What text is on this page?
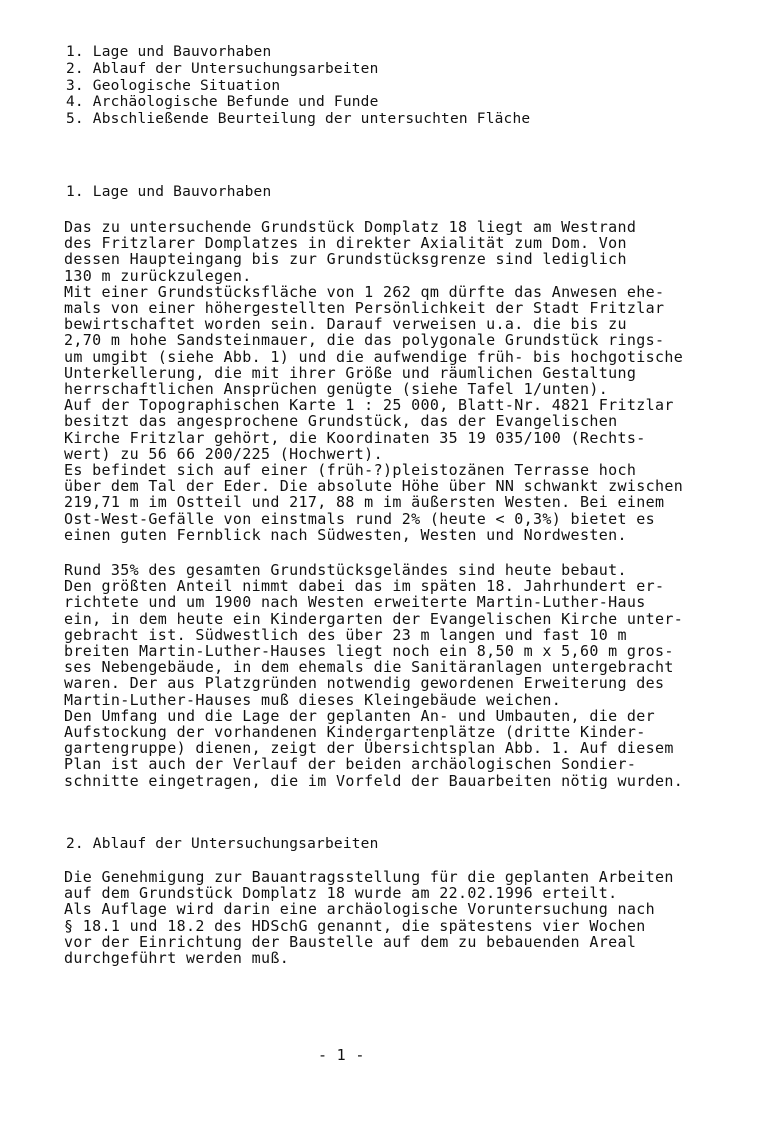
1. Lage und Bauvorhaben
2. Ablauf der Untersuchungsarbeiten
3. Geologische Situation
4. Archäologische Befunde und Funde
5. Abschließende Beurteilung der untersuchten Fläche
1. Lage und Bauvorhaben
Das zu untersuchende Grundstück Domplatz 18 liegt am Westrand
des Fritzlarer Domplatzes in direkter Axialität zum Dom. Von
dessen Haupteingang bis zur Grundstücksgrenze sind lediglich
130 m zurückzulegen.
Mit einer Grundstücksfläche von 1 262 qm dürfte das Anwesen ehe-
mals von einer höhergestellten Persönlichkeit der Stadt Fritzlar
bewirtschaftet worden sein. Darauf verweisen u.a. die bis zu
2,70 m hohe Sandsteinmauer, die das polygonale Grundstück rings-
um umgibt (siehe Abb. 1) und die aufwendige früh- bis hochgotische
Unterkellerung, die mit ihrer Größe und räumlichen Gestaltung
herrschaftlichen Ansprüchen genügte (siehe Tafel 1/unten).
Auf der Topographischen Karte 1 : 25 000, Blatt-Nr. 4821 Fritzlar
besitzt das angesprochene Grundstück, das der Evangelischen
Kirche Fritzlar gehört, die Koordinaten 35 19 035/100 (Rechts-
wert) zu 56 66 200/225 (Hochwert).
Es befindet sich auf einer (früh-?)pleistozänen Terrasse hoch
über dem Tal der Eder. Die absolute Höhe über NN schwankt zwischen
219,71 m im Ostteil und 217, 88 m im äußersten Westen. Bei einem
Ost-West-Gefälle von einstmals rund 2% (heute < 0,3%) bietet es
einen guten Fernblick nach Südwesten, Westen und Nordwesten.
Rund 35% des gesamten Grundstücksgeländes sind heute bebaut.
Den größten Anteil nimmt dabei das im späten 18. Jahrhundert er-
richtete und um 1900 nach Westen erweiterte Martin-Luther-Haus
ein, in dem heute ein Kindergarten der Evangelischen Kirche unter-
gebracht ist. Südwestlich des über 23 m langen und fast 10 m
breiten Martin-Luther-Hauses liegt noch ein 8,50 m x 5,60 m gros-
ses Nebengebäude, in dem ehemals die Sanitäranlagen untergebracht
waren. Der aus Platzgründen notwendig gewordenen Erweiterung des
Martin-Luther-Hauses muß dieses Kleingebäude weichen.
Den Umfang und die Lage der geplanten An- und Umbauten, die der
Aufstockung der vorhandenen Kindergartenplätze (dritte Kinder-
gartengruppe) dienen, zeigt der Übersichtsplan Abb. 1. Auf diesem
Plan ist auch der Verlauf der beiden archäologischen Sondier-
schnitte eingetragen, die im Vorfeld der Bauarbeiten nötig wurden.
2. Ablauf der Untersuchungsarbeiten
Die Genehmigung zur Bauantragsstellung für die geplanten Arbeiten
auf dem Grundstück Domplatz 18 wurde am 22.02.1996 erteilt.
Als Auflage wird darin eine archäologische Voruntersuchung nach
§ 18.1 und 18.2 des HDSchG genannt, die spätestens vier Wochen
vor der Einrichtung der Baustelle auf dem zu bebauenden Areal
durchgeführt werden muß.
- 1 -
